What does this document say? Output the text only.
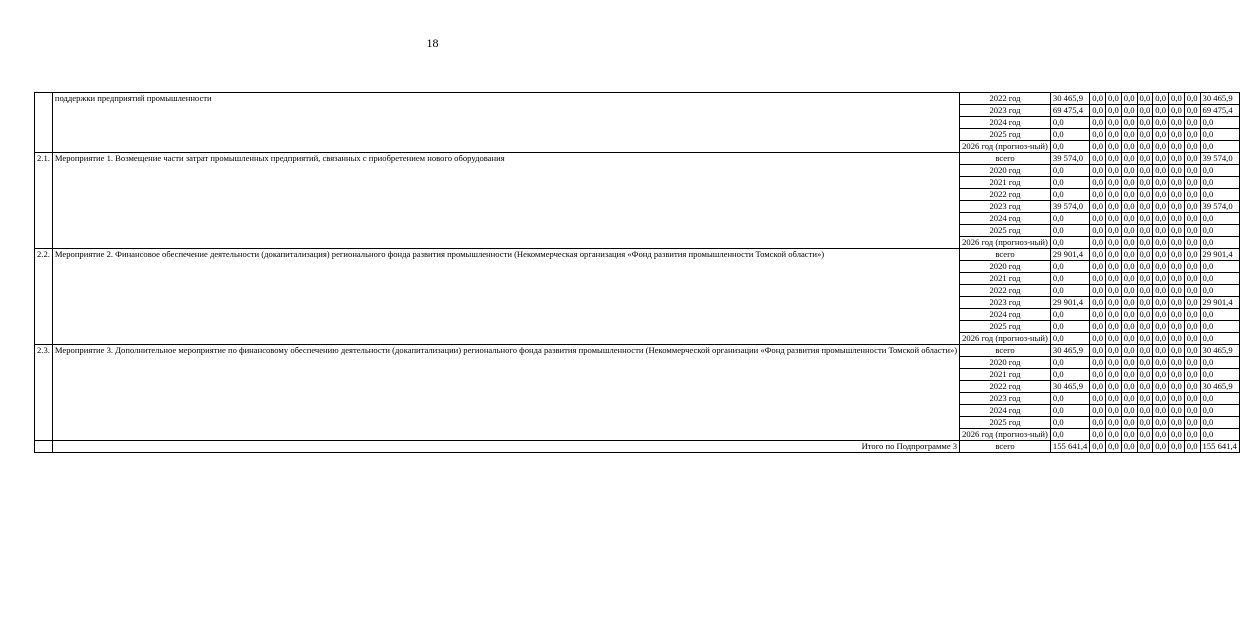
18
	поддержки предприятий промышленности	2022 год	30 465,9	0,0	0,0	0,0	0,0	0,0	0,0	0,0	30 465,9
		2023 год	69 475,4	0,0	0,0	0,0	0,0	0,0	0,0	0,0	69 475,4
		2024 год	0,0	0,0	0,0	0,0	0,0	0,0	0,0	0,0	0,0
		2025 год	0,0	0,0	0,0	0,0	0,0	0,0	0,0	0,0	0,0
		2026 год (прогноз-ный)	0,0	0,0	0,0	0,0	0,0	0,0	0,0	0,0	0,0
2.1.	Мероприятие 1. Возмещение части затрат промышленных предприятий, связанных с приобретением нового оборудования	всего	39 574,0	0,0	0,0	0,0	0,0	0,0	0,0	0,0	39 574,0
		2020 год	0,0	0,0	0,0	0,0	0,0	0,0	0,0	0,0	0,0
		2021 год	0,0	0,0	0,0	0,0	0,0	0,0	0,0	0,0	0,0
		2022 год	0,0	0,0	0,0	0,0	0,0	0,0	0,0	0,0	0,0
		2023 год	39 574,0	0,0	0,0	0,0	0,0	0,0	0,0	0,0	39 574,0
		2024 год	0,0	0,0	0,0	0,0	0,0	0,0	0,0	0,0	0,0
		2025 год	0,0	0,0	0,0	0,0	0,0	0,0	0,0	0,0	0,0
		2026 год (прогноз-ный)	0,0	0,0	0,0	0,0	0,0	0,0	0,0	0,0	0,0
2.2.	Мероприятие 2. Финансовое обеспечение деятельности (докапитализация) регионального фонда развития промышленности (Некоммерческая организация «Фонд развития промышленности Томской области»)	всего	29 901,4	0,0	0,0	0,0	0,0	0,0	0,0	0,0	29 901,4
		2020 год	0,0	0,0	0,0	0,0	0,0	0,0	0,0	0,0	0,0
		2021 год	0,0	0,0	0,0	0,0	0,0	0,0	0,0	0,0	0,0
		2022 год	0,0	0,0	0,0	0,0	0,0	0,0	0,0	0,0	0,0
		2023 год	29 901,4	0,0	0,0	0,0	0,0	0,0	0,0	0,0	29 901,4
		2024 год	0,0	0,0	0,0	0,0	0,0	0,0	0,0	0,0	0,0
		2025 год	0,0	0,0	0,0	0,0	0,0	0,0	0,0	0,0	0,0
		2026 год (прогноз-ный)	0,0	0,0	0,0	0,0	0,0	0,0	0,0	0,0	0,0
2.3.	Мероприятие 3. Дополнительное мероприятие по финансовому обеспечению деятельности (докапитализации) регионального фонда развития промышленности (Некоммерческой организации «Фонд развития промышленности Томской области»)	всего	30 465,9	0,0	0,0	0,0	0,0	0,0	0,0	0,0	30 465,9
		2020 год	0,0	0,0	0,0	0,0	0,0	0,0	0,0	0,0	0,0
		2021 год	0,0	0,0	0,0	0,0	0,0	0,0	0,0	0,0	0,0
		2022 год	30 465,9	0,0	0,0	0,0	0,0	0,0	0,0	0,0	30 465,9
		2023 год	0,0	0,0	0,0	0,0	0,0	0,0	0,0	0,0	0,0
		2024 год	0,0	0,0	0,0	0,0	0,0	0,0	0,0	0,0	0,0
		2025 год	0,0	0,0	0,0	0,0	0,0	0,0	0,0	0,0	0,0
		2026 год (прогноз-ный)	0,0	0,0	0,0	0,0	0,0	0,0	0,0	0,0	0,0
	Итого по Подпрограмме 3	всего	155 641,4	0,0	0,0	0,0	0,0	0,0	0,0	0,0	155 641,4
